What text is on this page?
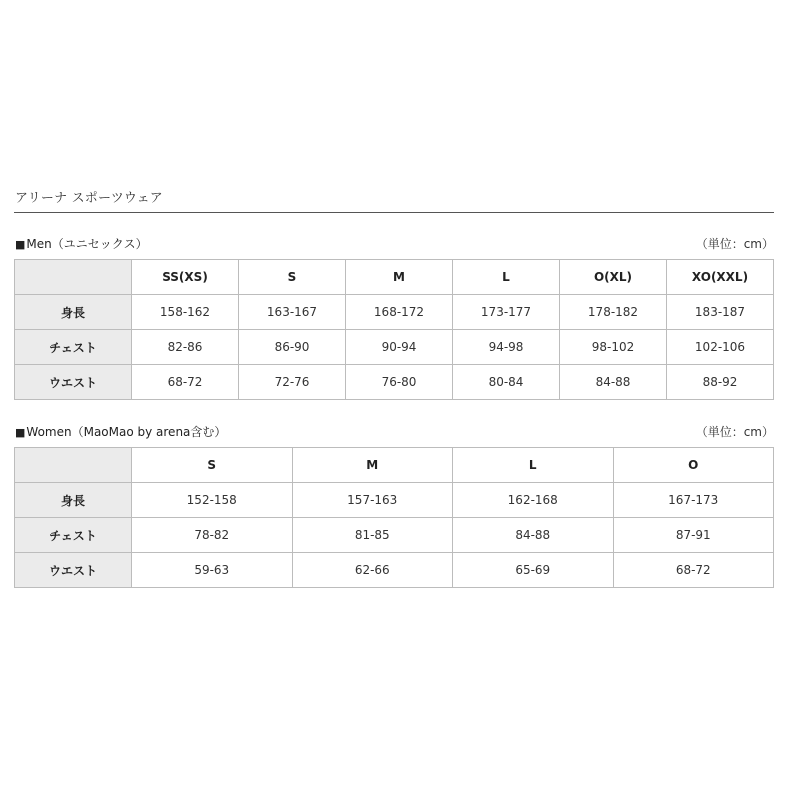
アリーナ スポーツウェア
■Men（ユニセックス）	（単位：cm）
	SS(XS)	S	M	L	O(XL)	XO(XXL)
身長	158-162	163-167	168-172	173-177	178-182	183-187
チェスト	82-86	86-90	90-94	94-98	98-102	102-106
ウエスト	68-72	72-76	76-80	80-84	84-88	88-92
■Women（MaoMao by arena含む）	（単位：cm）
	S	M	L	O
身長	152-158	157-163	162-168	167-173
チェスト	78-82	81-85	84-88	87-91
ウエスト	59-63	62-66	65-69	68-72
